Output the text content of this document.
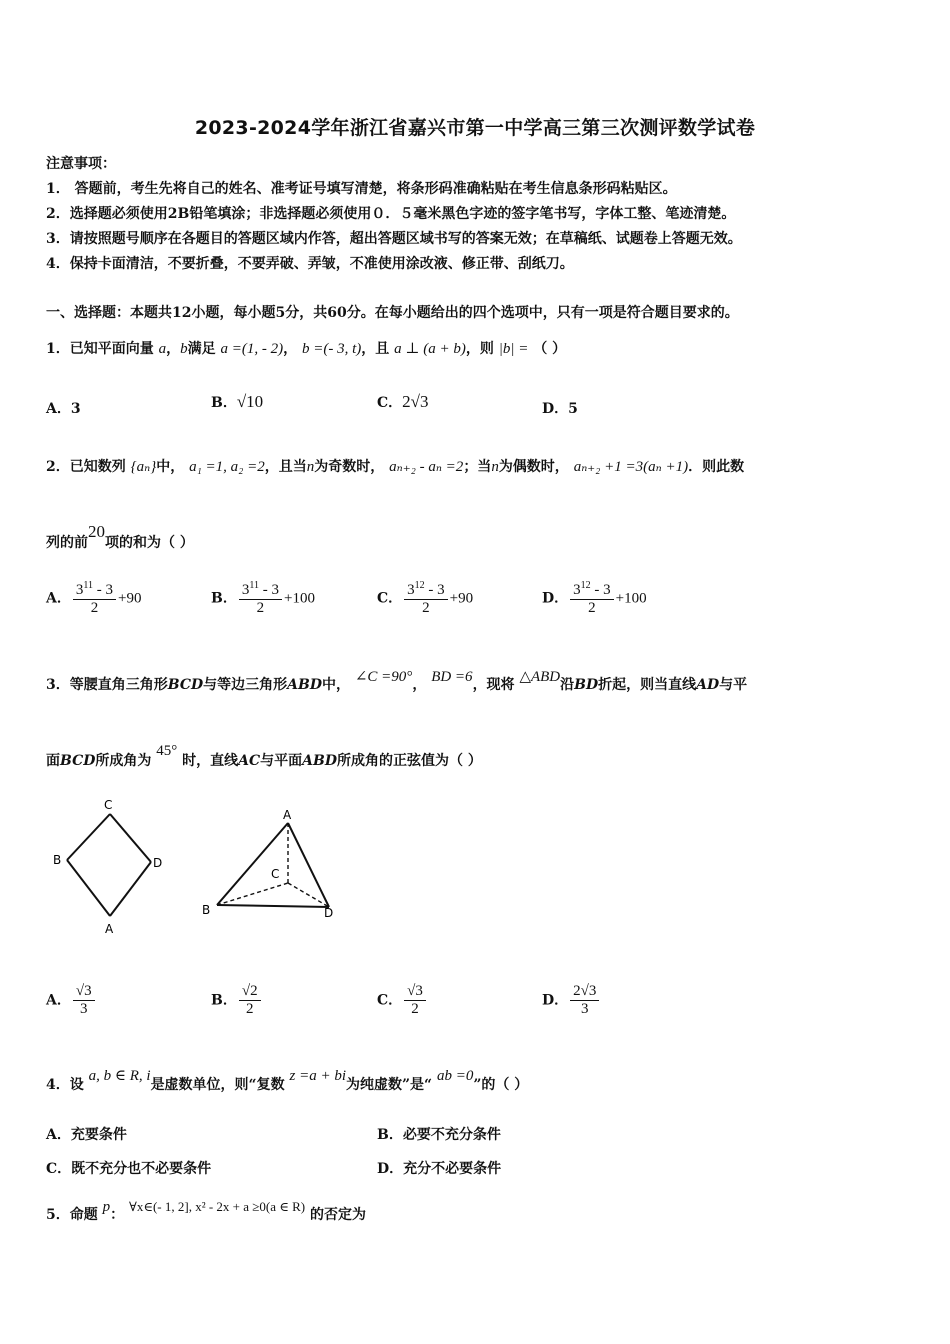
2023-2024学年浙江省嘉兴市第一中学高三第三次测评数学试卷
注意事项：
1． 答题前，考生先将自己的姓名、准考证号填写清楚，将条形码准确粘贴在考生信息条形码粘贴区。
2．选择题必须使用2B铅笔填涂；非选择题必须使用０．５毫米黑色字迹的签字笔书写，字体工整、笔迹清楚。
3．请按照题号顺序在各题目的答题区域内作答，超出答题区域书写的答案无效；在草稿纸、试题卷上答题无效。
4．保持卡面清洁，不要折叠，不要弄破、弄皱，不准使用涂改液、修正带、刮纸刀。
一、选择题：本题共12小题，每小题5分，共60分。在每小题给出的四个选项中，只有一项是符合题目要求的。
1．已知平面向量 a，b满足 a =(1, - 2)， b =(- 3, t)，且 a ⊥ (a + b)，则 |b| = （ ）
A．3	B．√10	C．2√3	D．5
2．已知数列 {aₙ}中， a₁ =1, a₂ =2，且当n为奇数时， aₙ₊₂ - aₙ =2；当n为偶数时， aₙ₊₂ +1 =3(aₙ +1)．则此数
列的前20项的和为（ ）
A． $\frac{3^{11} - 3}{2} +90$	B． $\frac{3^{11} - 3}{2} +100$	C． $\frac{3^{12} - 3}{2} +90$	D． $\frac{3^{12} - 3}{2} +100$
3．等腰直角三角形BCD与等边三角形ABD中， ∠C =90°， BD =6，现将 △ABD沿BD折起，则当直线AD与平
面BCD所成角为 45° 时，直线AC与平面ABD所成角的正弦值为（ ）
C
B	D
A
A
C
B	D
A． $\frac{√3}{3}$	B． $\frac{√2}{2}$	C． $\frac{√3}{2}$	D． $\frac{2√3}{3}$
4．设 a, b ∈ R, i是虚数单位，则“复数 z =a + bi为纯虚数”是“ ab =0”的（ ）
A．充要条件	B．必要不充分条件
C．既不充分也不必要条件	D．充分不必要条件
5．命题 p： ∀x∈(- 1, 2], x² - 2x + a ≥0(a ∈ R) 的否定为
